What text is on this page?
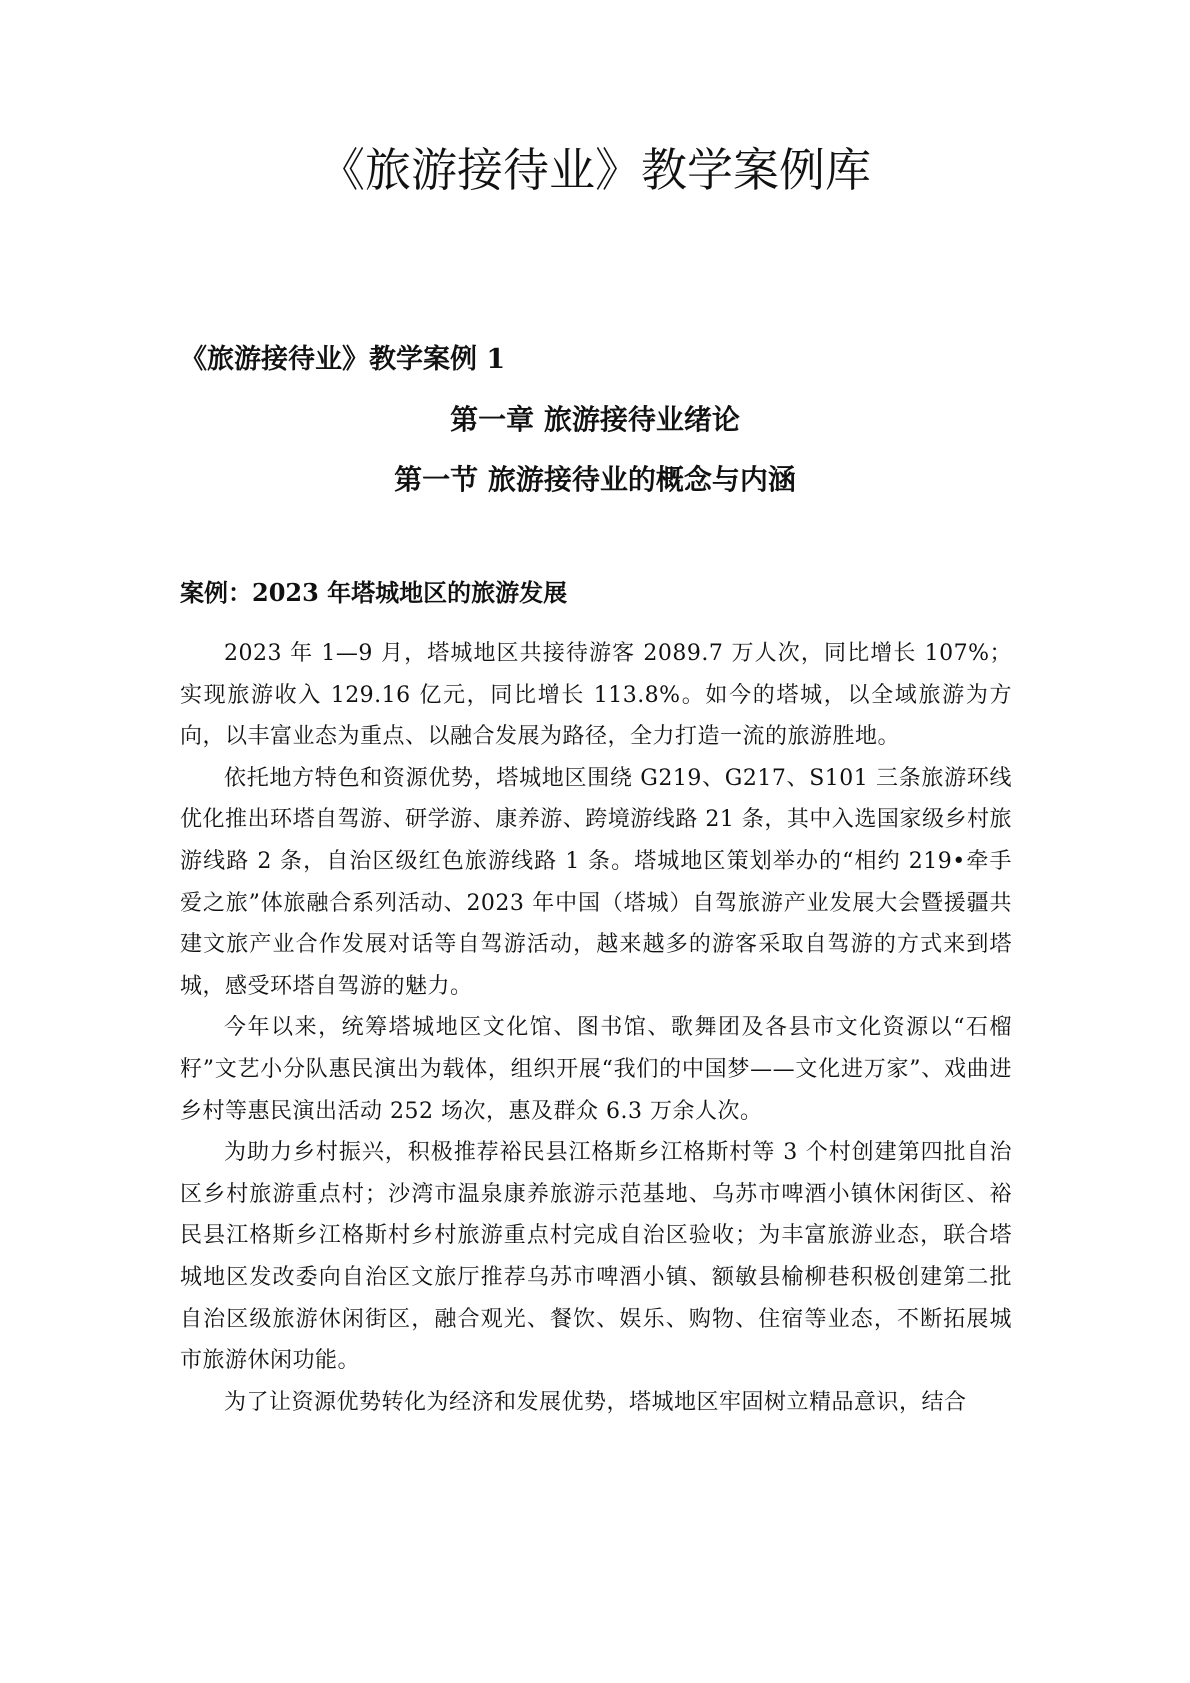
《旅游接待业》教学案例库
《旅游接待业》教学案例 1
第一章 旅游接待业绪论
第一节 旅游接待业的概念与内涵
案例：2023 年塔城地区的旅游发展

2023 年 1—9 月，塔城地区共接待游客 2089.7 万人次，同比增长 107%；实现旅游收入 129.16 亿元，同比增长 113.8%。如今的塔城，以全域旅游为方向，以丰富业态为重点、以融合发展为路径，全力打造一流的旅游胜地。

依托地方特色和资源优势，塔城地区围绕 G219、G217、S101 三条旅游环线优化推出环塔自驾游、研学游、康养游、跨境游线路 21 条，其中入选国家级乡村旅游线路 2 条，自治区级红色旅游线路 1 条。塔城地区策划举办的“相约 219•牵手爱之旅”体旅融合系列活动、2023 年中国（塔城）自驾旅游产业发展大会暨援疆共建文旅产业合作发展对话等自驾游活动，越来越多的游客采取自驾游的方式来到塔城，感受环塔自驾游的魅力。

今年以来，统筹塔城地区文化馆、图书馆、歌舞团及各县市文化资源以“石榴籽”文艺小分队惠民演出为载体，组织开展“我们的中国梦——文化进万家”、戏曲进乡村等惠民演出活动 252 场次，惠及群众 6.3 万余人次。

为助力乡村振兴，积极推荐裕民县江格斯乡江格斯村等 3 个村创建第四批自治区乡村旅游重点村；沙湾市温泉康养旅游示范基地、乌苏市啤酒小镇休闲街区、裕民县江格斯乡江格斯村乡村旅游重点村完成自治区验收；为丰富旅游业态，联合塔城地区发改委向自治区文旅厅推荐乌苏市啤酒小镇、额敏县榆柳巷积极创建第二批自治区级旅游休闲街区，融合观光、餐饮、娱乐、购物、住宿等业态，不断拓展城市旅游休闲功能。

为了让资源优势转化为经济和发展优势，塔城地区牢固树立精品意识，结合
